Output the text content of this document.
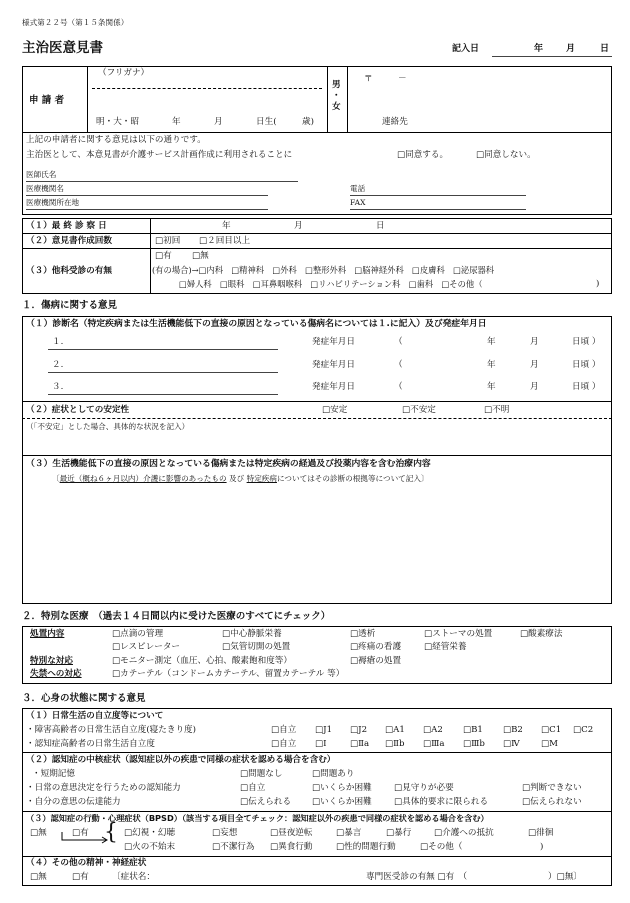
様式第２２号（第１５条関係）
主治医意見書	記入日	年	月	日
申 請 者
（フリガナ）
男
・
女
〒	－
明・大・昭	年	月	日生(	歳)	連絡先
上記の申請者に関する意見は以下の通りです。
主治医として、本意見書が介護サービス計画作成に利用されることに	□同意する。	□同意しない。
医師氏名
医療機関名
医療機関所在地
電話
FAX
（１）最 終 診 察 日	年	月	日
（２）意見書作成回数	□初回 □２回目以上
（３）他科受診の有無
□有 □無
(有の場合)→□内科　□精神科　□外科　□整形外科　□脳神経外科　□皮膚科　□泌尿器科
□婦人科　□眼科　□耳鼻咽喉科　□リハビリテーション科　□歯科　□その他（	)
１．傷病に関する意見
（１）診断名（特定疾病または生活機能低下の直接の原因となっている傷病名については１.に記入）及び発症年月日
１.	発症年月日	（	年	月	日頃 ）
２.	発症年月日	（	年	月	日頃 ）
３.	発症年月日	（	年	月	日頃 ）
（２）症状としての安定性	□安定	□不安定	□不明
（「不安定」とした場合、具体的な状況を記入）
（３）生活機能低下の直接の原因となっている傷病または特定疾病の経過及び投薬内容を含む治療内容
〔最近（概ね６ヶ月以内）介護に影響のあったもの 及び 特定疾病についてはその診断の根拠等について記入〕
２．特別な医療　 （過去１４日間以内に受けた医療のすべてにチェック）
処置内容	□点滴の管理	□中心静脈栄養	□透析	□ストーマの処置	□酸素療法
□レスピレーター	□気管切開の処置	□疼痛の看護	□経管栄養
特別な対応	□モニター測定（血圧、心拍、酸素飽和度等）	□褥瘡の処置
失禁への対応	□カテーテル（コンドームカテーテル、留置カテーテル 等）
３．心身の状態に関する意見
（１）日常生活の自立度等について
・障害高齢者の日常生活自立度(寝たきり度)	□自立 □J1 □J2 □A1 □A2 □B1 □B2 □C1 □C2
・認知症高齢者の日常生活自立度	□自立 □Ⅰ	□Ⅱa □Ⅱb □Ⅲa □Ⅲb □Ⅳ □M
（２）認知症の中核症状（認知症以外の疾患で同様の症状を認める場合を含む）
・短期記憶	□問題なし	□問題あり
・日常の意思決定を行うための認知能力	□自立	□いくらか困難	□見守りが必要	□判断できない
・自分の意思の伝達能力	□伝えられる □いくらか困難	□具体的要求に限られる	□伝えられない
（３）認知症の行動・心理症状（BPSD）（該当する項目全てチェック：認知症以外の疾患で同様の症状を認める場合を含む）
□無	□有 { □幻視・幻聴	□妄想	□昼夜逆転	□暴言	□暴行	□介護への抵抗	□徘徊
□火の不始末	□不潔行為 □異食行動	□性的問題行動	□その他（	)
（４）その他の精神・神経症状
□無	□有	〔症状名：	専門医受診の有無 □有　（	）□無〕
